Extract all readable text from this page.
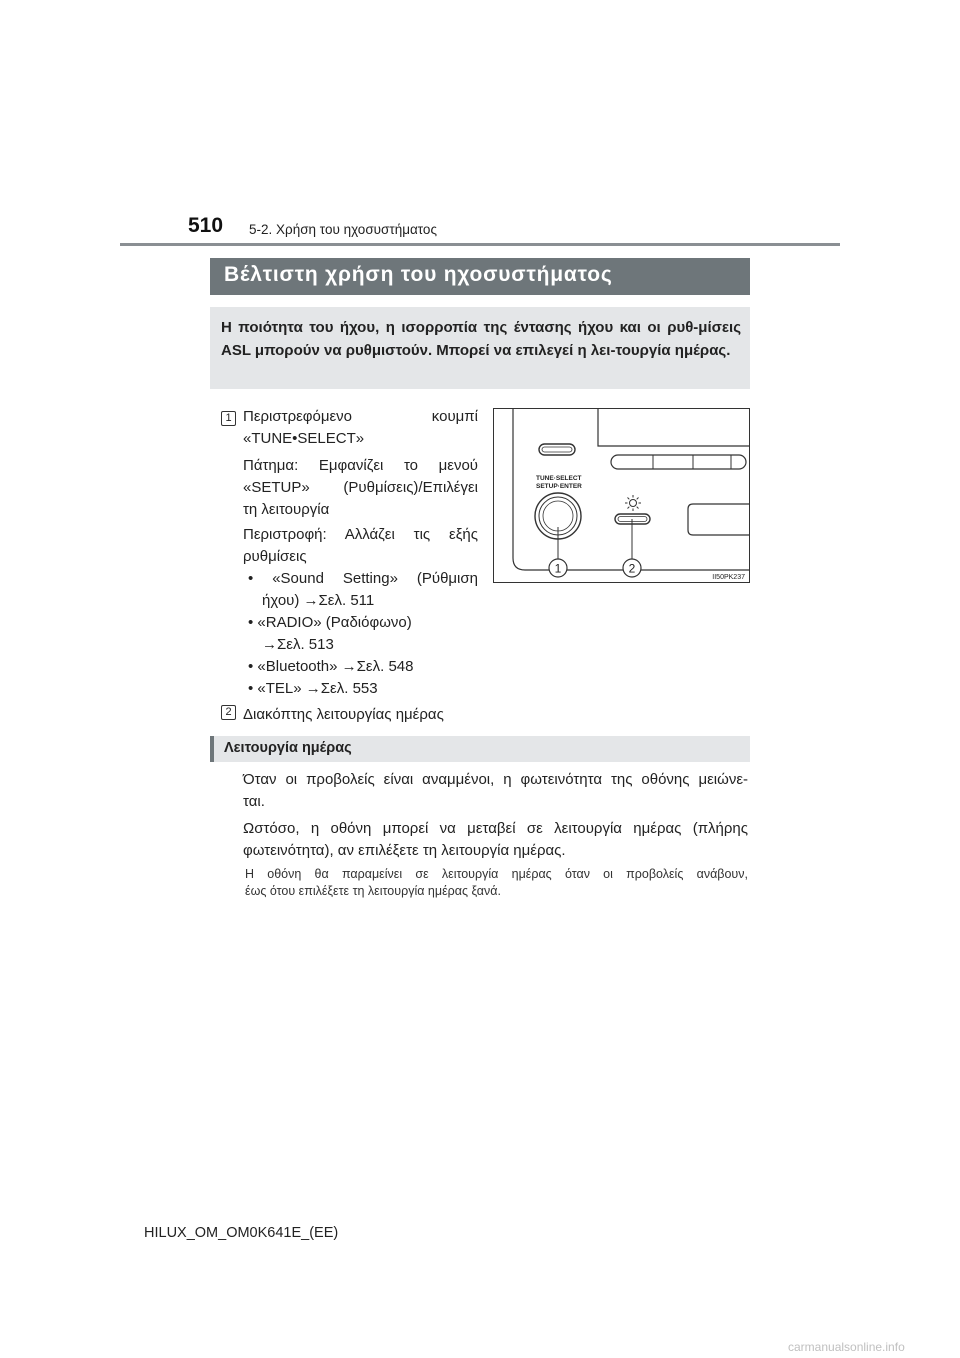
510 5-2. Χρήση του ηχοσυστήματος
Βέλτιστη χρήση του ηχοσυστήματος
Η ποιότητα του ήχου, η ισορροπία της έντασης ήχου και οι ρυθ-μίσεις ASL μπορούν να ρυθμιστούν. Μπορεί να επιλεγεί η λει-τουργία ημέρας.
1 Περιστρεφόμενο κουμπί
«TUNE•SELECT»
Πάτημα: Εμφανίζει το μενού
«SETUP» (Ρυθμίσεις)/Επιλέγει
τη λειτουργία
Περιστροφή: Αλλάζει τις εξής
ρυθμίσεις
• «Sound Setting» (Ρύθμιση
ήχου) →Σελ. 511
• «RADIO» (Ραδιόφωνο)
→Σελ. 513
• «Bluetooth» →Σελ. 548
• «TEL» →Σελ. 553
2 Διακόπτης λειτουργίας ημέρας
TUNE·SELECT
SETUP·ENTER
1	2
II50PK237
Λειτουργία ημέρας
Όταν οι προβολείς είναι αναμμένοι, η φωτεινότητα της οθόνης μειώνε-
ται.
Ωστόσο, η οθόνη μπορεί να μεταβεί σε λειτουργία ημέρας (πλήρης
φωτεινότητα), αν επιλέξετε τη λειτουργία ημέρας.
Η οθόνη θα παραμείνει σε λειτουργία ημέρας όταν οι προβολείς ανάβουν,
έως ότου επιλέξετε τη λειτουργία ημέρας ξανά.
HILUX_OM_OM0K641E_(EE)
carmanualsonline.info
